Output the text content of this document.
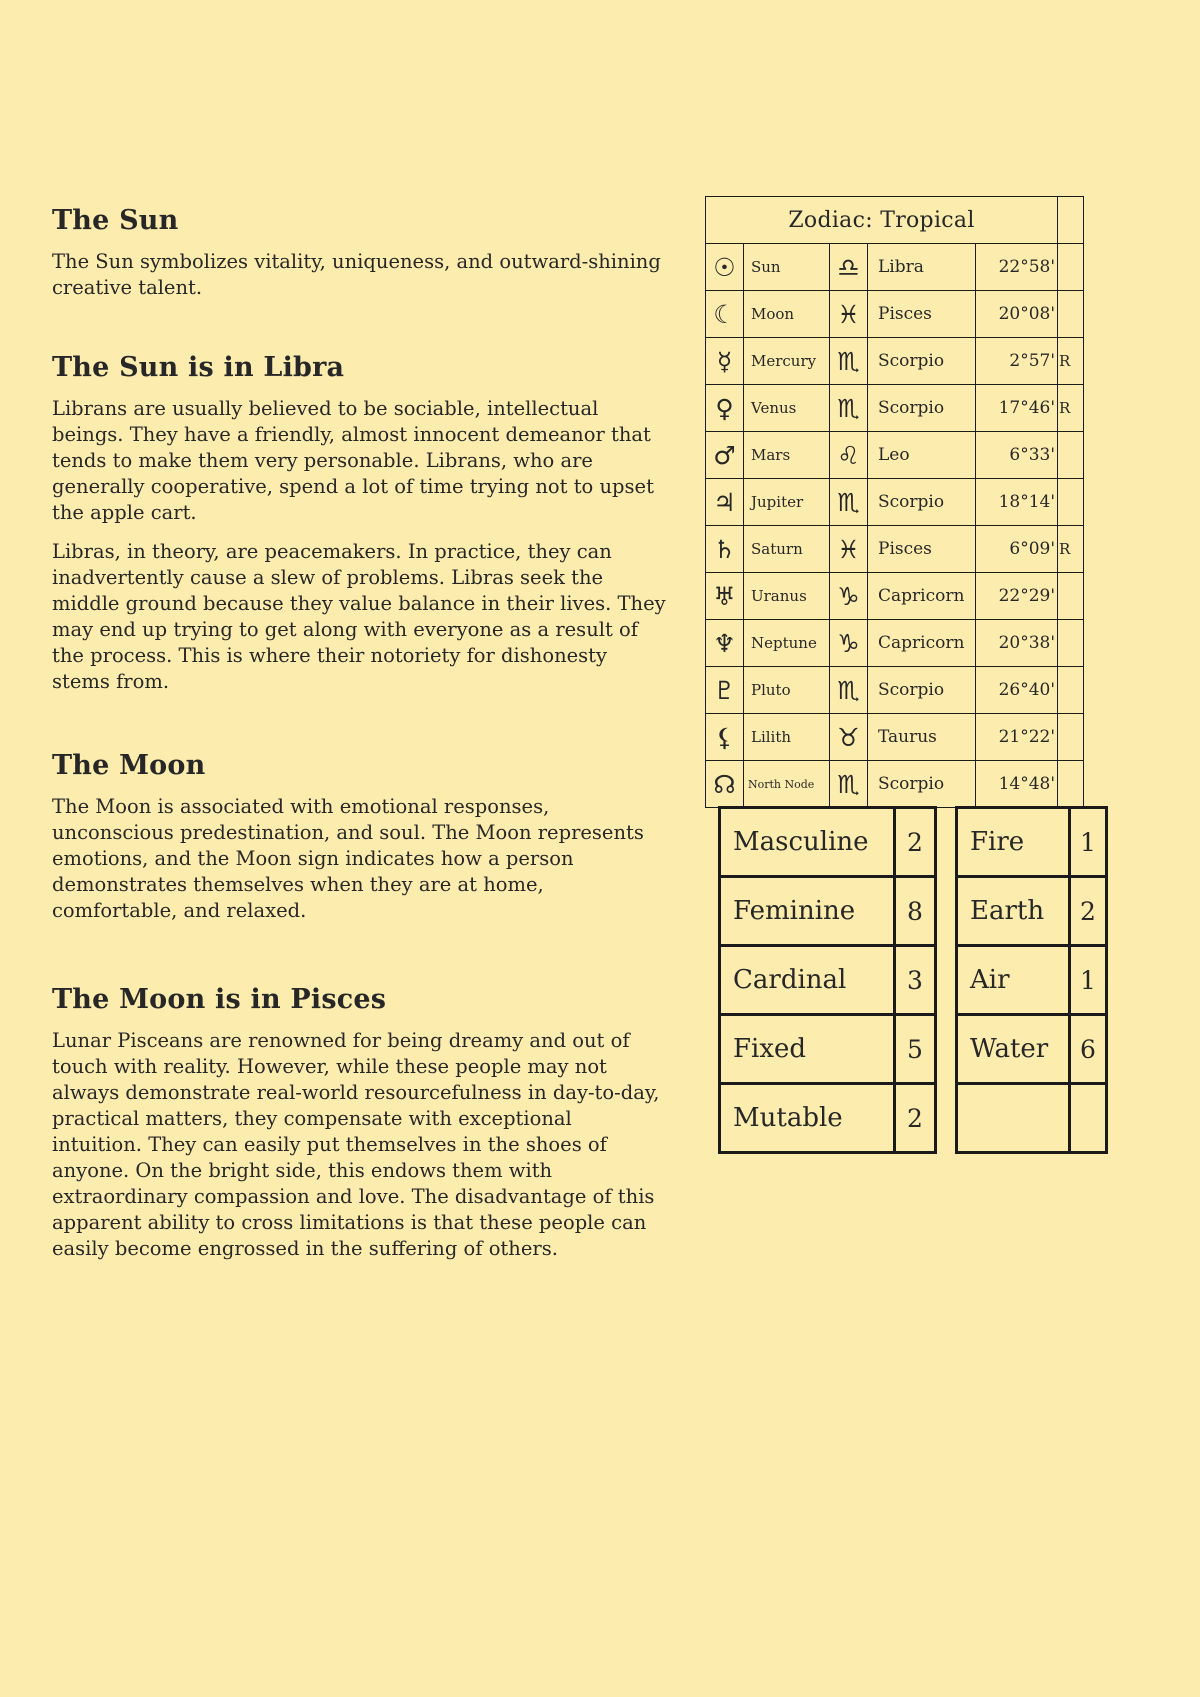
The Sun

The Sun symbolizes vitality, uniqueness, and outward-shining creative talent.

The Sun is in Libra

Librans are usually believed to be sociable, intellectual beings. They have a friendly, almost innocent demeanor that tends to make them very personable. Librans, who are generally cooperative, spend a lot of time trying not to upset the apple cart.

Libras, in theory, are peacemakers. In practice, they can inadvertently cause a slew of problems. Libras seek the middle ground because they value balance in their lives. They may end up trying to get along with everyone as a result of the process. This is where their notoriety for dishonesty stems from.

The Moon

The Moon is associated with emotional responses, unconscious predestination, and soul. The Moon represents emotions, and the Moon sign indicates how a person demonstrates themselves when they are at home, comfortable, and relaxed.

The Moon is in Pisces

Lunar Pisceans are renowned for being dreamy and out of touch with reality. However, while these people may not always demonstrate real-world resourcefulness in day-to-day, practical matters, they compensate with exceptional intuition. They can easily put themselves in the shoes of anyone. On the bright side, this endows them with extraordinary compassion and love. The disadvantage of this apparent ability to cross limitations is that these people can easily become engrossed in the suffering of others.

Zodiac: Tropical					
☉	Sun	♎	Libra	22°58'	
☾	Moon	♓	Pisces	20°08'	
☿	Mercury	♏	Scorpio	2°57'	R
♀	Venus	♏	Scorpio	17°46'	R
♂	Mars	♌	Leo	6°33'	
♃	Jupiter	♏	Scorpio	18°14'	
♄	Saturn	♓	Pisces	6°09'	R
♅	Uranus	♑	Capricorn	22°29'	
♆	Neptune	♑	Capricorn	20°38'	
♇	Pluto	♏	Scorpio	26°40'	
⚸	Lilith	♉	Taurus	21°22'	
☊	North Node	♏	Scorpio	14°48'	
Masculine	2
Feminine	8
Cardinal	3
Fixed	5
Mutable	2
Fire	1
Earth	2
Air	1
Water	6
